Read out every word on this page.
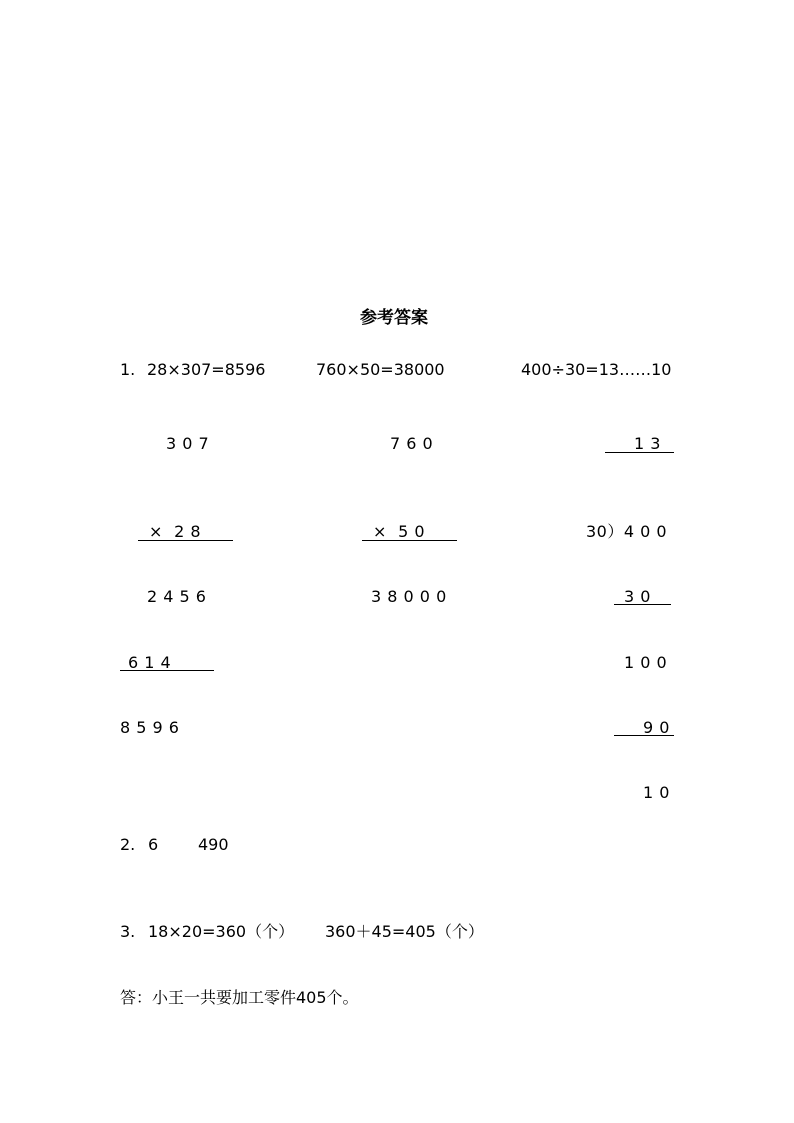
参考答案
1. 28×307=8596	760×50=38000	400÷30=13……10
3 0 7
×  2 8
2 4 5 6
6 1 4
8 5 9 6
7 6 0
×  5 0
3 8 0 0 0
1 3
30）4 0 0
3 0
1 0 0
9 0
1 0
2. 6 490
3. 18×20=360（个） 360＋45=405（个）
答：小王一共要加工零件405个。
